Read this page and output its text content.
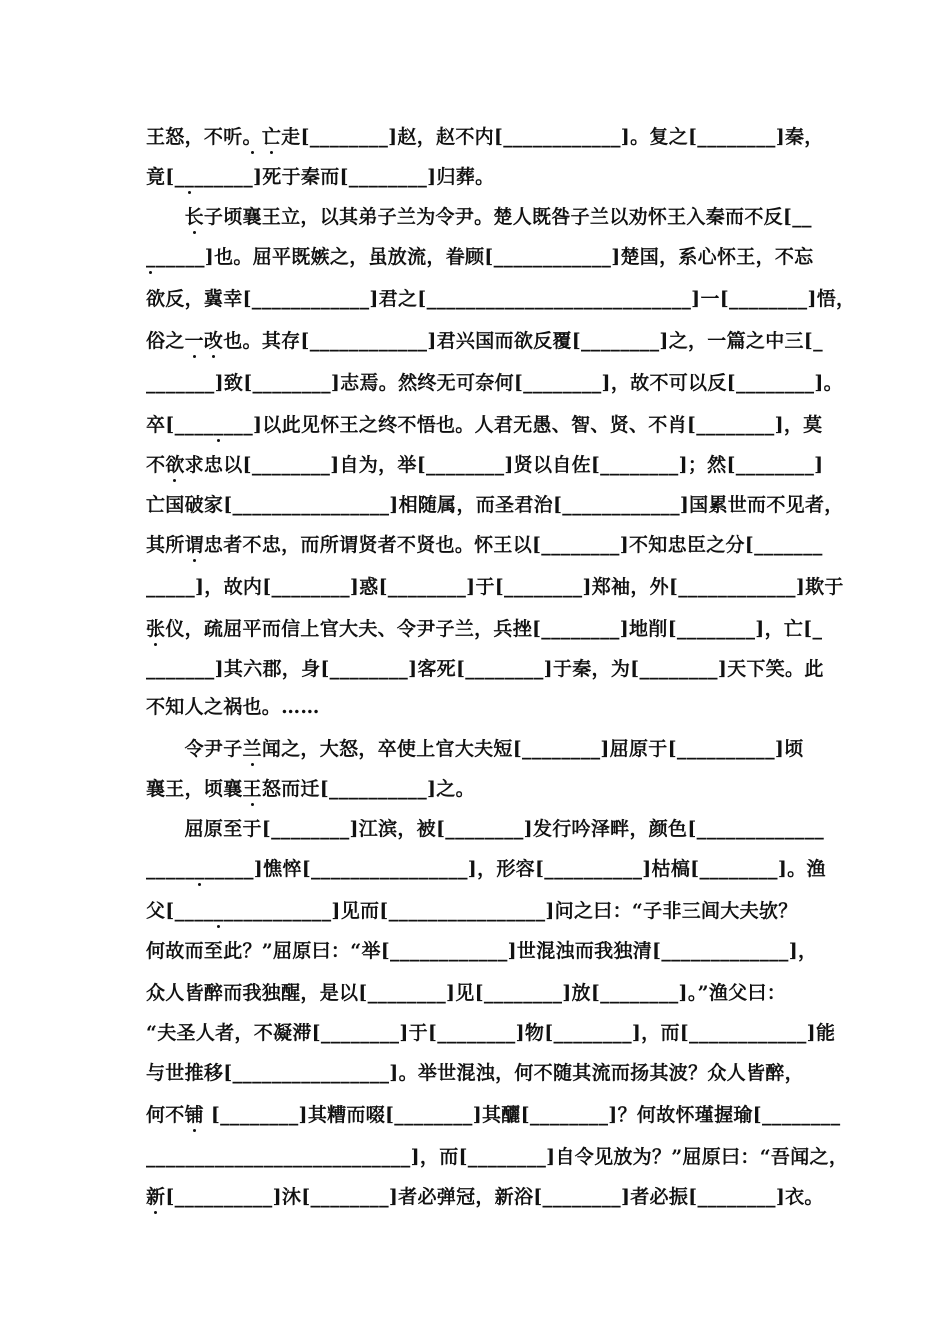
王怒，不听。亡走[________]赵，赵不内[____________]。复之[________]秦，
竟[________]死于秦而[________]归葬。
　　长子顷襄王立，以其弟子兰为令尹。楚人既咎子兰以劝怀王入秦而不反[__
______]也。屈平既嫉之，虽放流，眷顾[____________]楚国，系心怀王，不忘
欲反，冀幸[____________]君之[___________________________]一[________]悟，
俗之一改也。其存[____________]君兴国而欲反覆[________]之，一篇之中三[_
_______]致[________]志焉。然终无可奈何[________]，故不可以反[________]。
卒[________]以此见怀王之终不悟也。人君无愚、智、贤、不肖[________]，莫
不欲求忠以[________]自为，举[________]贤以自佐[________]；然[________]
亡国破家[________________]相随属，而圣君治[____________]国累世而不见者，
其所谓忠者不忠，而所谓贤者不贤也。怀王以[________]不知忠臣之分[_______
_____]，故内[________]惑[________]于[________]郑袖，外[____________]欺于
张仪，疏屈平而信上官大夫、令尹子兰，兵挫[________]地削[________]，亡[_
_______]其六郡，身[________]客死[________]于秦，为[________]天下笑。此
不知人之祸也。……
　　令尹子兰闻之，大怒，卒使上官大夫短[________]屈原于[__________]顷
襄王，顷襄王怒而迁[__________]之。
　　屈原至于[________]江滨，被[________]发行吟泽畔，颜色[_____________
___________]憔悴[________________]，形容[__________]枯槁[________]。渔
父[________________]见而[________________]问之曰：“子非三闾大夫欤？
何故而至此？”屈原曰：“举[____________]世混浊而我独清[_____________]，
众人皆醉而我独醒，是以[________]见[________]放[________]。”渔父曰：
“夫圣人者，不凝滞[________]于[________]物[________]，而[____________]能
与世推移[________________]。举世混浊，何不随其流而扬其波？众人皆醉，
何不铺 [________]其糟而啜[________]其釃[________]？何故怀瑾握瑜[________
___________________________]，而[________]自令见放为？”屈原曰：“吾闻之，
新[__________]沐[________]者必弹冠，新浴[________]者必振[________]衣。
